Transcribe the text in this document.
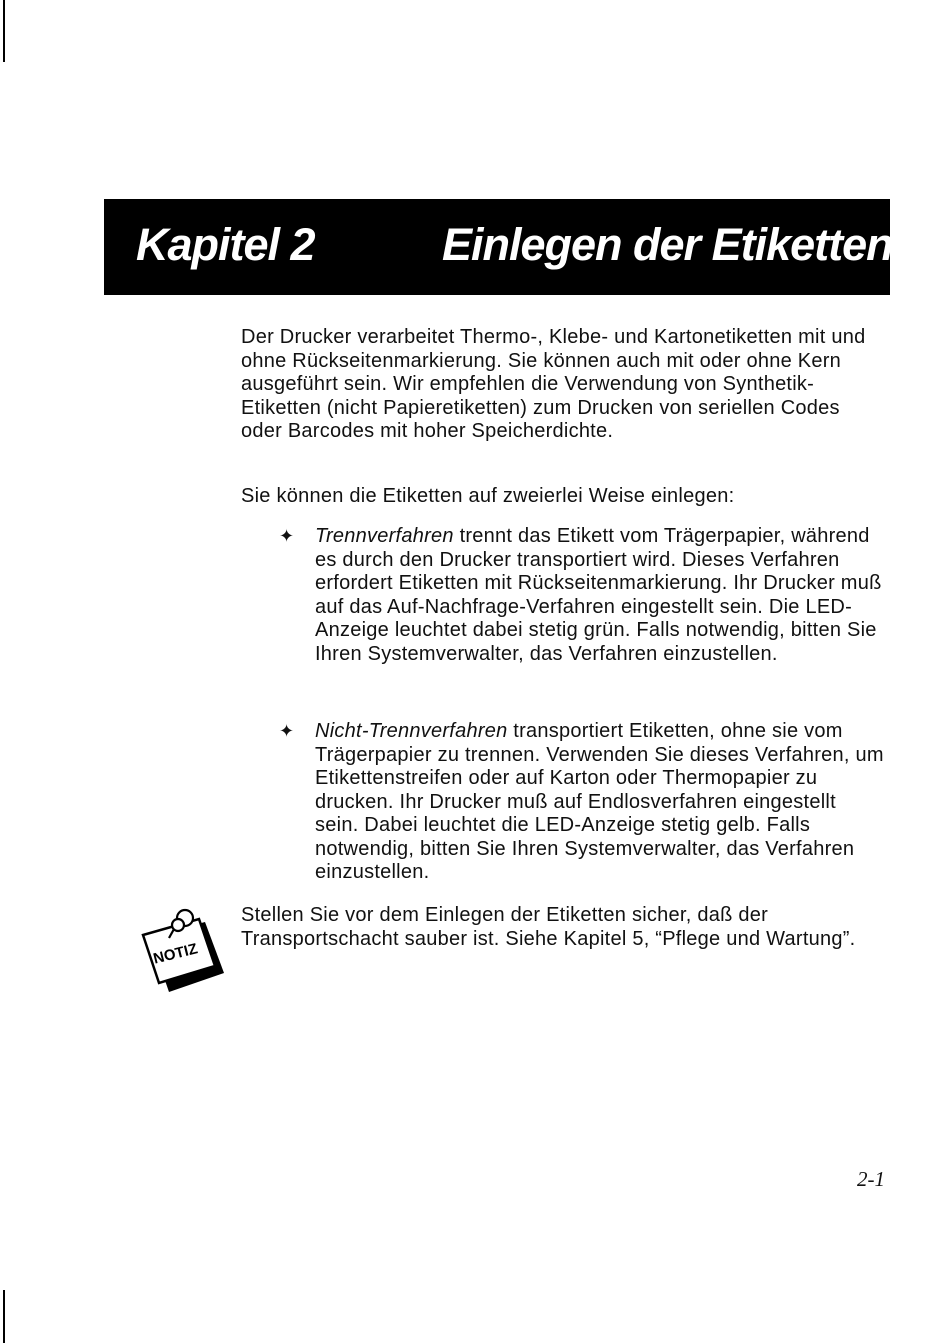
Kapitel 2	Einlegen der Etiketten
Der Drucker verarbeitet Thermo-, Klebe- und Kartonetiketten mit und ohne Rückseitenmarkierung. Sie können auch mit oder ohne Kern ausgeführt sein. Wir empfehlen die Verwendung von Synthetik-Etiketten (nicht Papieretiketten) zum Drucken von seriellen Codes oder Barcodes mit hoher Speicherdichte.
Sie können die Etiketten auf zweierlei Weise einlegen:
✦ Trennverfahren trennt das Etikett vom Trägerpapier, während es durch den Drucker transportiert wird. Dieses Verfahren erfordert Etiketten mit Rückseitenmarkierung. Ihr Drucker muß auf das Auf-Nachfrage-Verfahren eingestellt sein. Die LED-Anzeige leuchtet dabei stetig grün. Falls notwendig, bitten Sie Ihren Systemverwalter, das Verfahren einzustellen.
✦ Nicht-Trennverfahren transportiert Etiketten, ohne sie vom Trägerpapier zu trennen. Verwenden Sie dieses Verfahren, um Etikettenstreifen oder auf Karton oder Thermopapier zu drucken. Ihr Drucker muß auf Endlosverfahren eingestellt sein. Dabei leuchtet die LED-Anzeige stetig gelb. Falls notwendig, bitten Sie Ihren Systemverwalter, das Verfahren einzustellen.
NOTIZ
Stellen Sie vor dem Einlegen der Etiketten sicher, daß der Transportschacht sauber ist. Siehe Kapitel 5, “Pflege und Wartung”.
2-1
